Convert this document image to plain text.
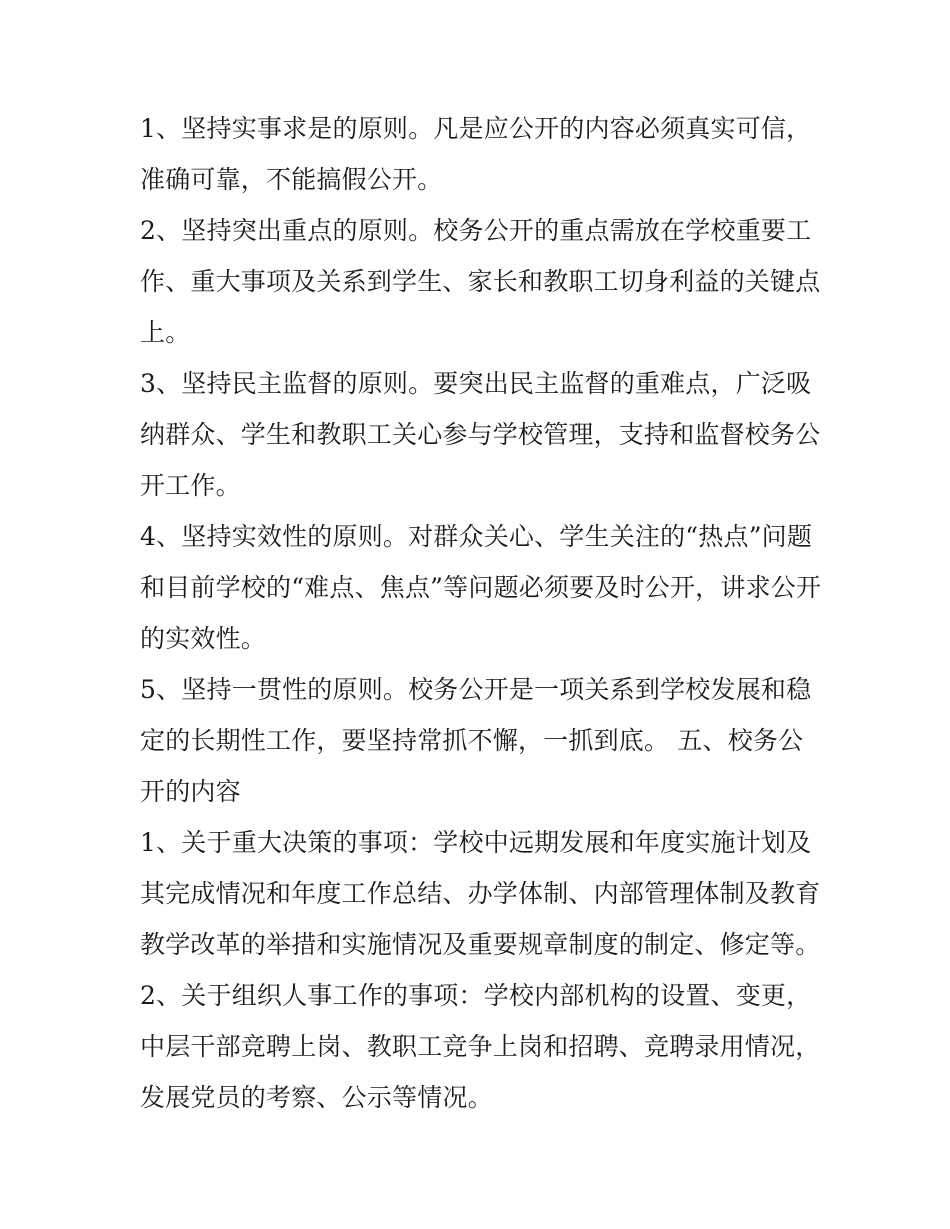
1、坚持实事求是的原则。凡是应公开的内容必须真实可信，
准确可靠，不能搞假公开。

2、坚持突出重点的原则。校务公开的重点需放在学校重要工
作、重大事项及关系到学生、家长和教职工切身利益的关键点
上。

3、坚持民主监督的原则。要突出民主监督的重难点，广泛吸
纳群众、学生和教职工关心参与学校管理，支持和监督校务公
开工作。

4、坚持实效性的原则。对群众关心、学生关注的“热点”问题
和目前学校的“难点、焦点”等问题必须要及时公开，讲求公开
的实效性。

5、坚持一贯性的原则。校务公开是一项关系到学校发展和稳
定的长期性工作，要坚持常抓不懈，一抓到底。 五、校务公
开的内容

1、关于重大决策的事项：学校中远期发展和年度实施计划及
其完成情况和年度工作总结、办学体制、内部管理体制及教育
教学改革的举措和实施情况及重要规章制度的制定、修定等。

2、关于组织人事工作的事项：学校内部机构的设置、变更，
中层干部竞聘上岗、教职工竞争上岗和招聘、竞聘录用情况，
发展党员的考察、公示等情况。
